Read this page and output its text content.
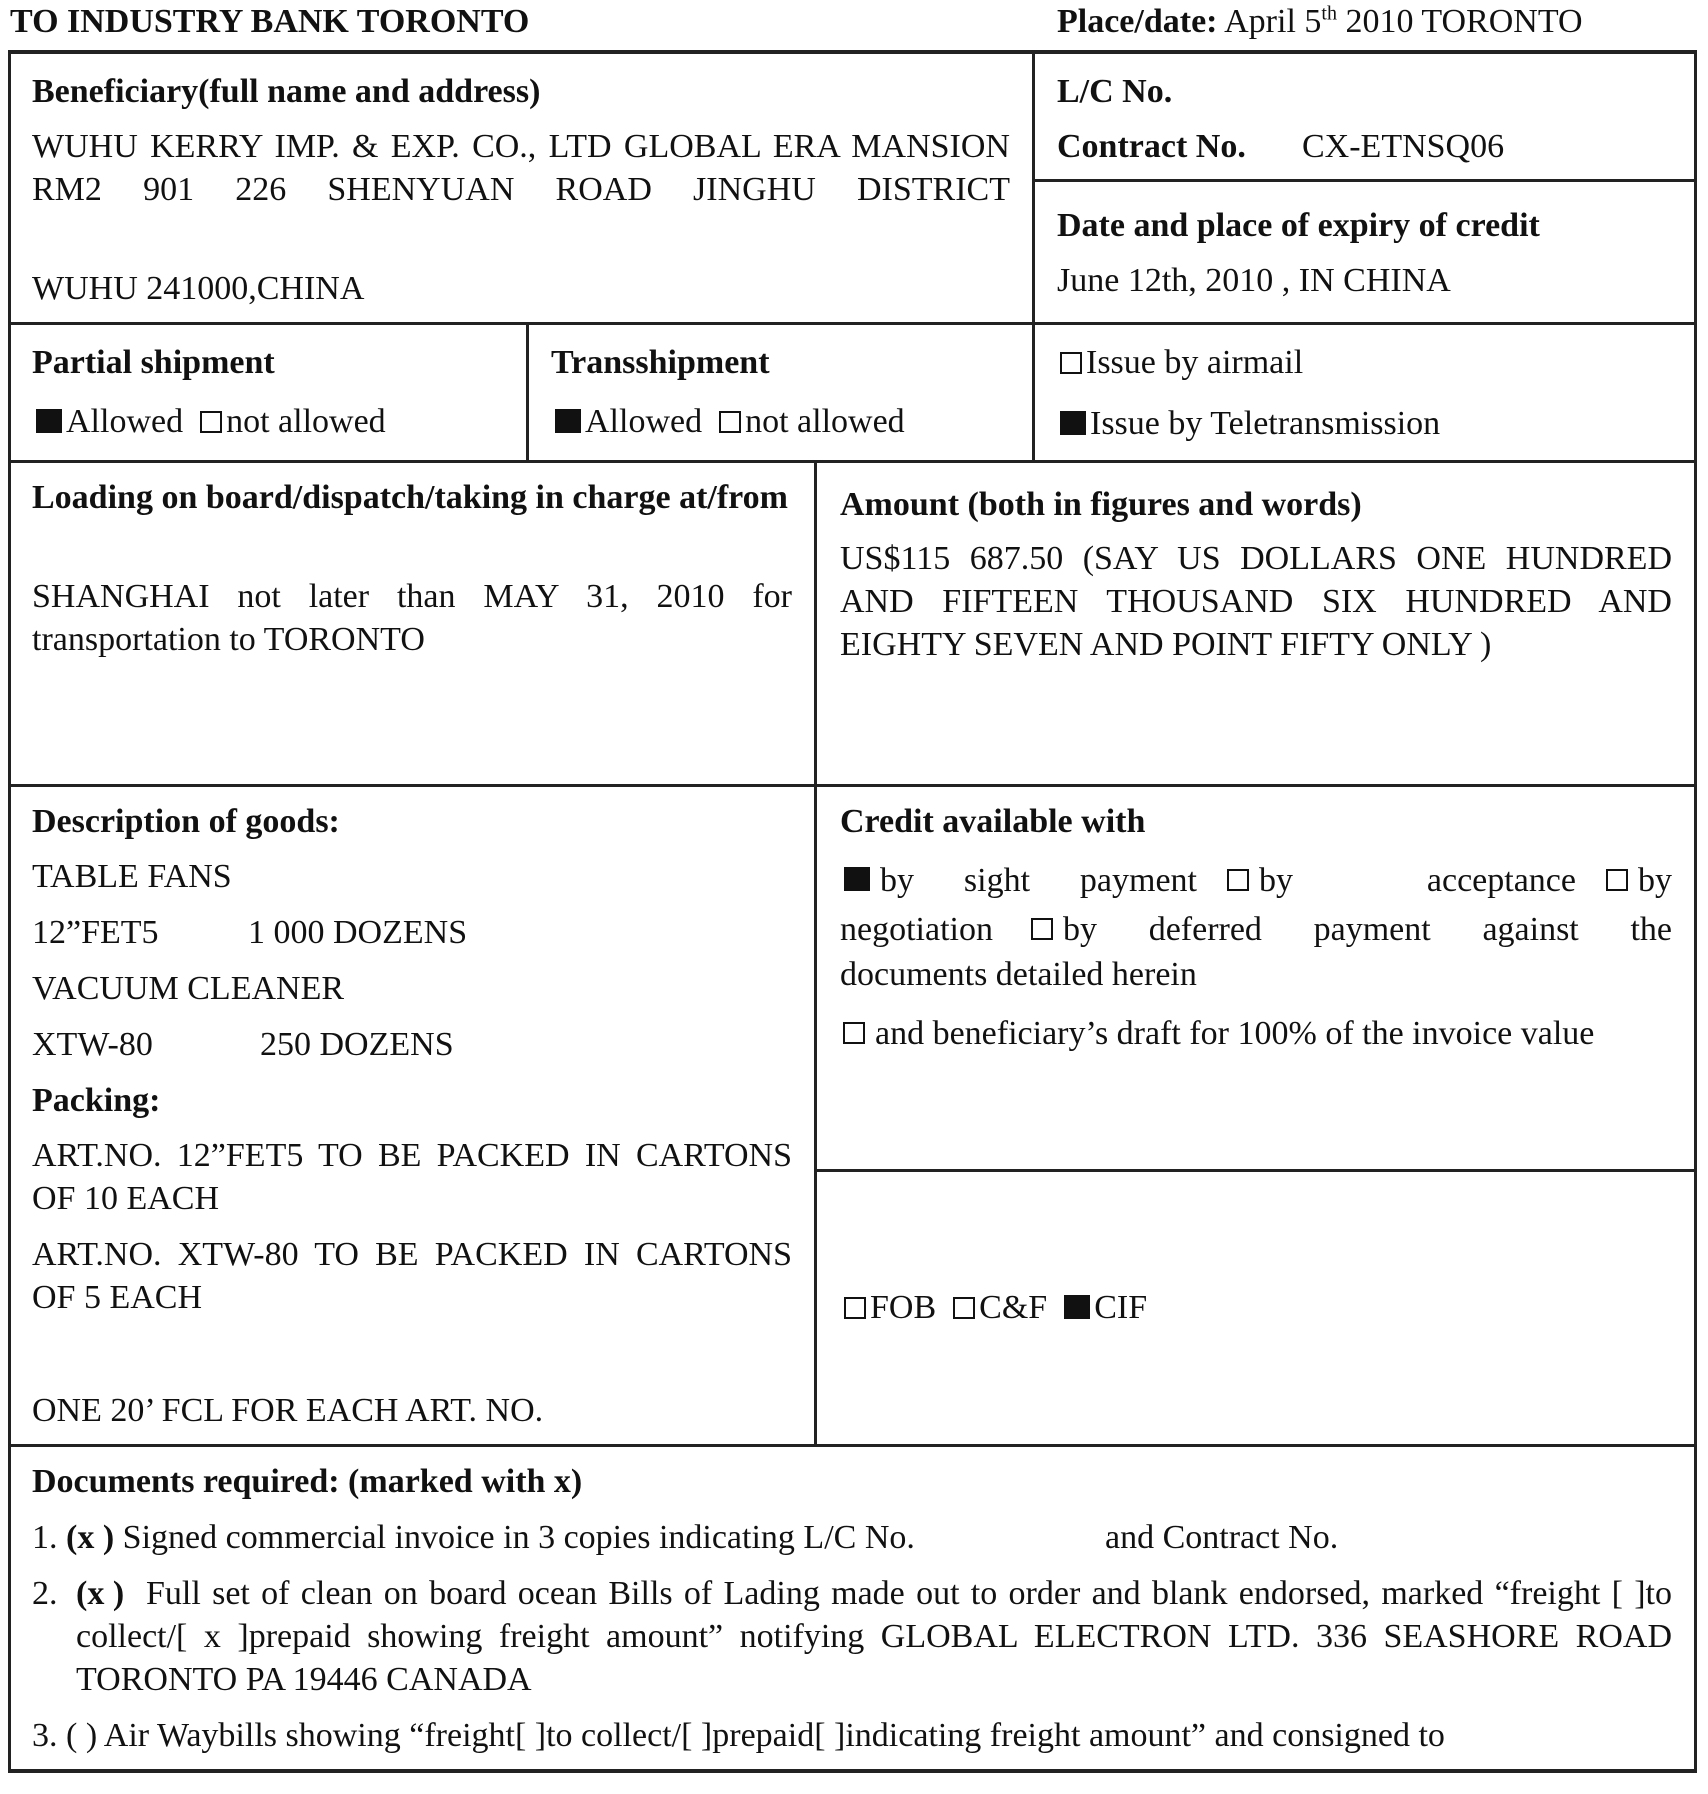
TO INDUSTRY BANK TORONTO	Place/date: April 5th 2010 TORONTO
Beneficiary(full name and address)
WUHU KERRY IMP. & EXP. CO., LTD GLOBAL ERA MANSION RM2 901 226 SHENYUAN ROAD JINGHU DISTRICT
WUHU 241000,CHINA
L/C No.
Contract No. CX-ETNSQ06
Date and place of expiry of credit
June 12th, 2010 , IN CHINA
Partial shipment
Allowed not allowed
Transshipment
Allowed not allowed
Issue by airmail
Issue by Teletransmission
Loading on board/dispatch/taking in charge at/from
SHANGHAI not later than MAY 31, 2010 for transportation to TORONTO
Amount (both in figures and words)
US$115 687.50 (SAY US DOLLARS ONE HUNDRED AND FIFTEEN THOUSAND SIX HUNDRED AND EIGHTY SEVEN AND POINT FIFTY ONLY )
Description of goods:
TABLE FANS
12”FET5	1 000 DOZENS
VACUUM CLEANER
XTW-80	250 DOZENS
Packing:
ART.NO. 12”FET5 TO BE PACKED IN CARTONS OF 10 EACH
ART.NO. XTW-80 TO BE PACKED IN CARTONS OF 5 EACH
ONE 20’ FCL FOR EACH ART. NO.
Credit available with
by sight payment by acceptance by
negotiation by deferred payment against the
documents detailed herein
and beneficiary’s draft for 100% of the invoice value
FOB C&F CIF
Documents required: (marked with x)
1. (x ) Signed commercial invoice in 3 copies indicating L/C No.	and Contract No.
2. (x ) Full set of clean on board ocean Bills of Lading made out to order and blank endorsed, marked “freight [ ]to collect/[ x ]prepaid showing freight amount” notifying GLOBAL ELECTRON LTD. 336 SEASHORE ROAD TORONTO PA 19446 CANADA
3. ( ) Air Waybills showing “freight[ ]to collect/[ ]prepaid[ ]indicating freight amount” and consigned to
